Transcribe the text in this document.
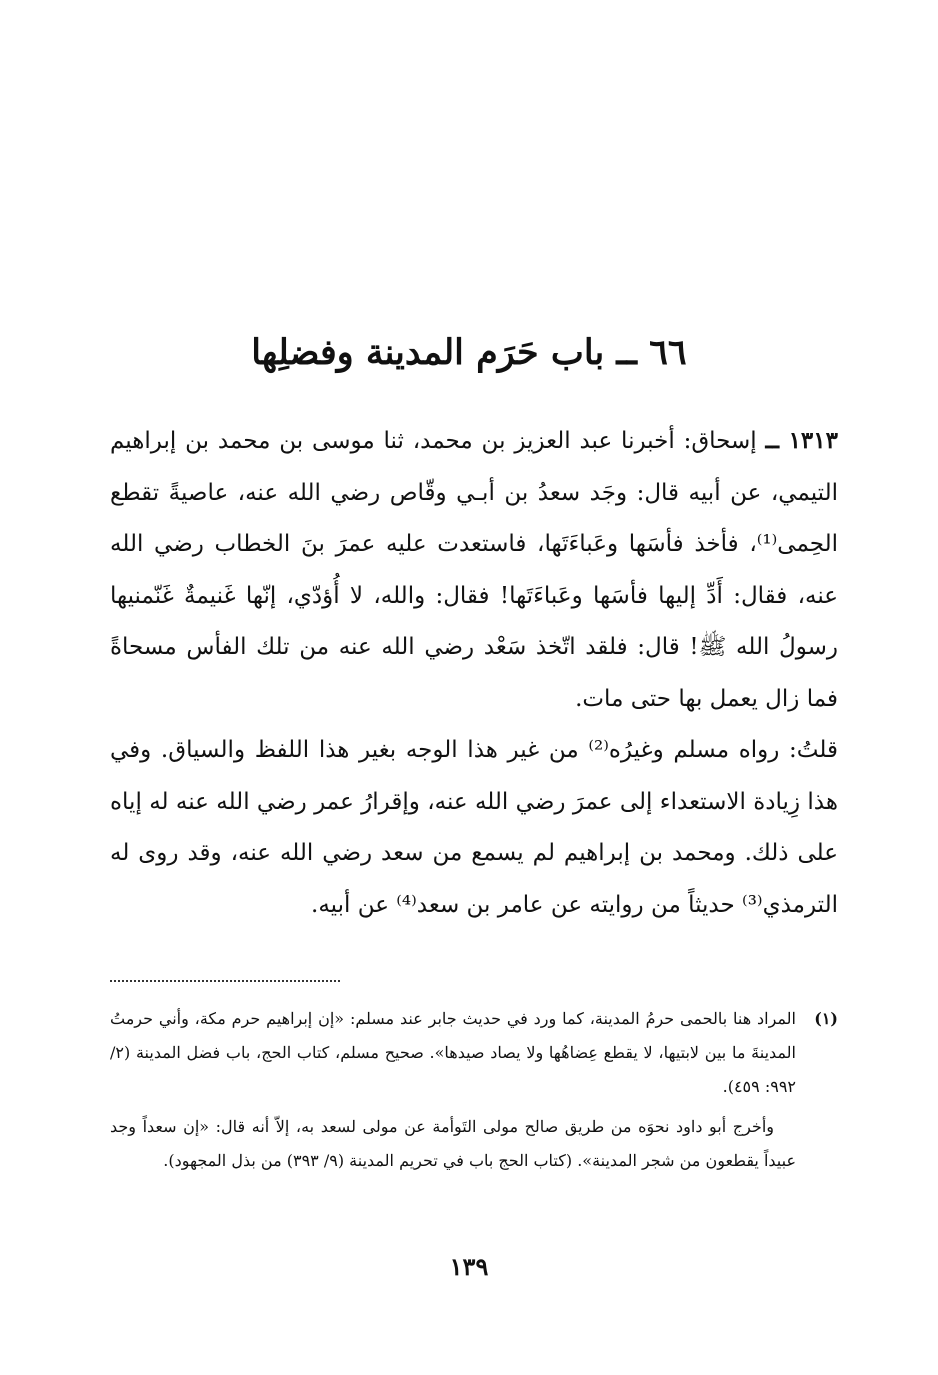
٦٦ ــ باب حَرَم المدينة وفضلِها

١٣١٣ ــ إسحاق: أخبرنا عبد العزيز بن محمد، ثنا موسى بن محمد بن إبراهيم التيمي، عن أبيه قال: وجَد سعدُ بن أبـي وقّاص رضي الله عنه، عاصيةً تقطع الحِمى⁽¹⁾، فأخذ فأسَها وعَباءَتَها، فاستعدت عليه عمرَ بنَ الخطاب رضي الله عنه، فقال: أَدِّ إليها فأسَها وعَباءَتَها! فقال: والله، لا أُؤدّي، إنّها غَنيمةٌ غَنّمنيها رسولُ الله ﷺ! قال: فلقد اتّخذ سَعْد رضي الله عنه من تلك الفأس مسحاةً فما زال يعمل بها حتى مات.

قلتُ: رواه مسلم وغيرُه⁽²⁾ من غير هذا الوجه بغير هذا اللفظ والسياق. وفي هذا زِيادة الاستعداء إلى عمرَ رضي الله عنه، وإقرارُ عمر رضي الله عنه له إياه على ذلك. ومحمد بن إبراهيم لم يسمع من سعد رضي الله عنه، وقد روى له الترمذي⁽³⁾ حديثاً من روايته عن عامر بن سعد⁽⁴⁾ عن أبيه.

(١)
المراد هنا بالحمى حرمُ المدينة، كما ورد في حديث جابر عند مسلم: «إن إبراهيم حرم مكة، وأني حرمتُ المدينةَ ما بين لابتيها، لا يقطع عِضاهُها ولا يصاد صيدها». صحيح مسلم، كتاب الحج، باب فضل المدينة (٢/ ٩٩٢: ٤٥٩).

وأخرج أبو داود نحوَه من طريق صالح مولى التَوأمة عن مولى لسعد به، إلاّ أنه قال: «إن سعداً وجد عبيداً يقطعون من شجر المدينة». (كتاب الحج باب في تحريم المدينة (٩/ ٣٩٣) من بذل المجهود).

١٣٩
